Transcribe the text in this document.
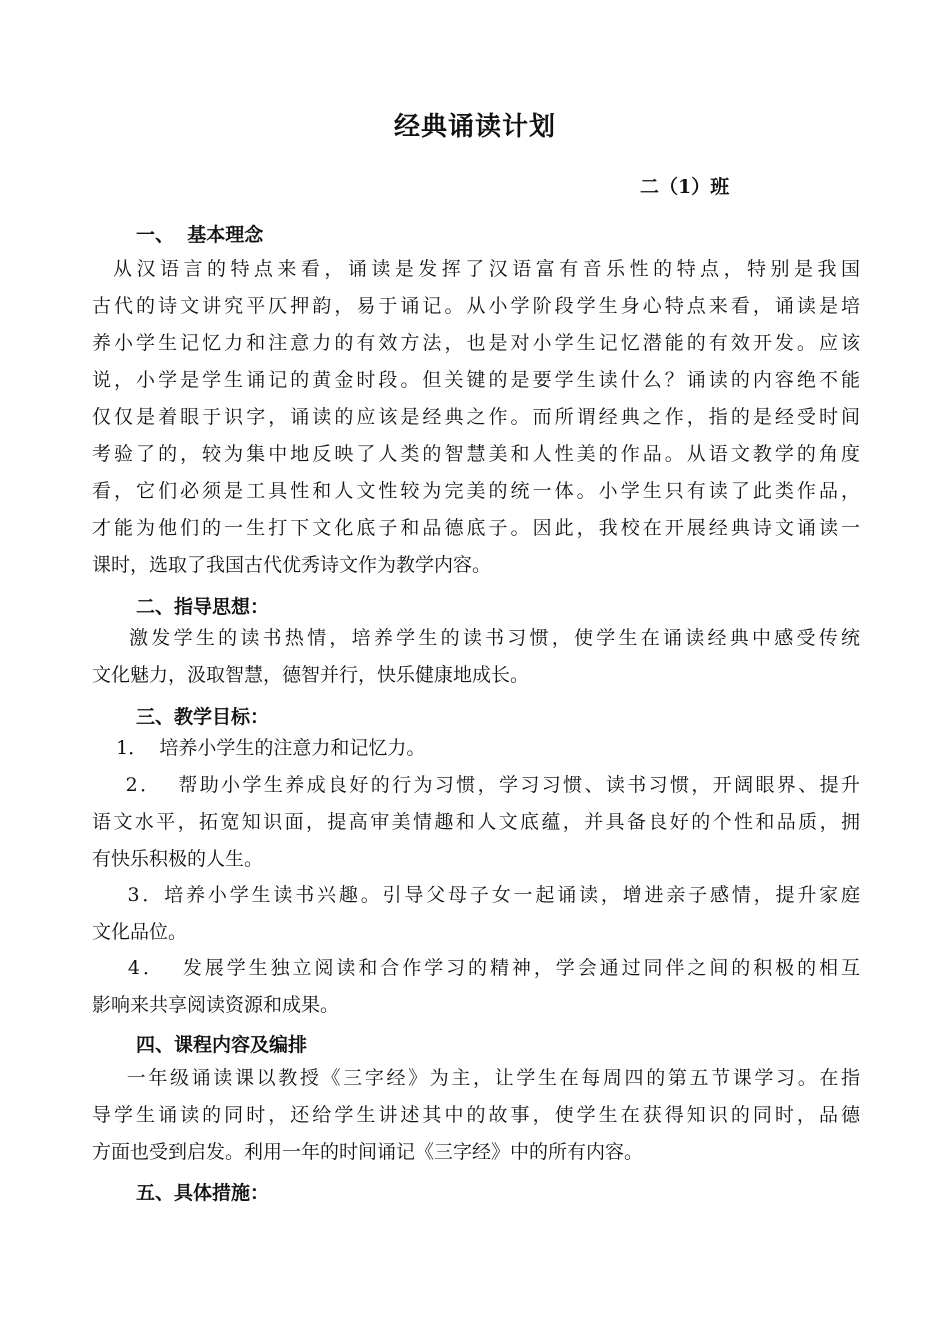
经典诵读计划
二（1）班
一、  基本理念
从汉语言的特点来看，诵读是发挥了汉语富有音乐性的特点，特别是我国
古代的诗文讲究平仄押韵，易于诵记。从小学阶段学生身心特点来看，诵读是培
养小学生记忆力和注意力的有效方法，也是对小学生记忆潜能的有效开发。应该
说，小学是学生诵记的黄金时段。但关键的是要学生读什么？诵读的内容绝不能
仅仅是着眼于识字，诵读的应该是经典之作。而所谓经典之作，指的是经受时间
考验了的，较为集中地反映了人类的智慧美和人性美的作品。从语文教学的角度
看，它们必须是工具性和人文性较为完美的统一体。小学生只有读了此类作品，
才能为他们的一生打下文化底子和品德底子。因此，我校在开展经典诗文诵读一
课时，选取了我国古代优秀诗文作为教学内容。
二、指导思想：
激发学生的读书热情，培养学生的读书习惯，使学生在诵读经典中感受传统
文化魅力，汲取智慧，德智并行，快乐健康地成长。
三、教学目标：
1．  培养小学生的注意力和记忆力。
2．  帮助小学生养成良好的行为习惯，学习习惯、读书习惯，开阔眼界、提升
语文水平，拓宽知识面，提高审美情趣和人文底蕴，并具备良好的个性和品质，拥
有快乐积极的人生。
3．培养小学生读书兴趣。引导父母子女一起诵读，增进亲子感情，提升家庭
文化品位。
4．  发展学生独立阅读和合作学习的精神，学会通过同伴之间的积极的相互
影响来共享阅读资源和成果。
四、课程内容及编排
一年级诵读课以教授《三字经》为主，让学生在每周四的第五节课学习。在指
导学生诵读的同时，还给学生讲述其中的故事，使学生在获得知识的同时，品德
方面也受到启发。利用一年的时间诵记《三字经》中的所有内容。
五、具体措施：
